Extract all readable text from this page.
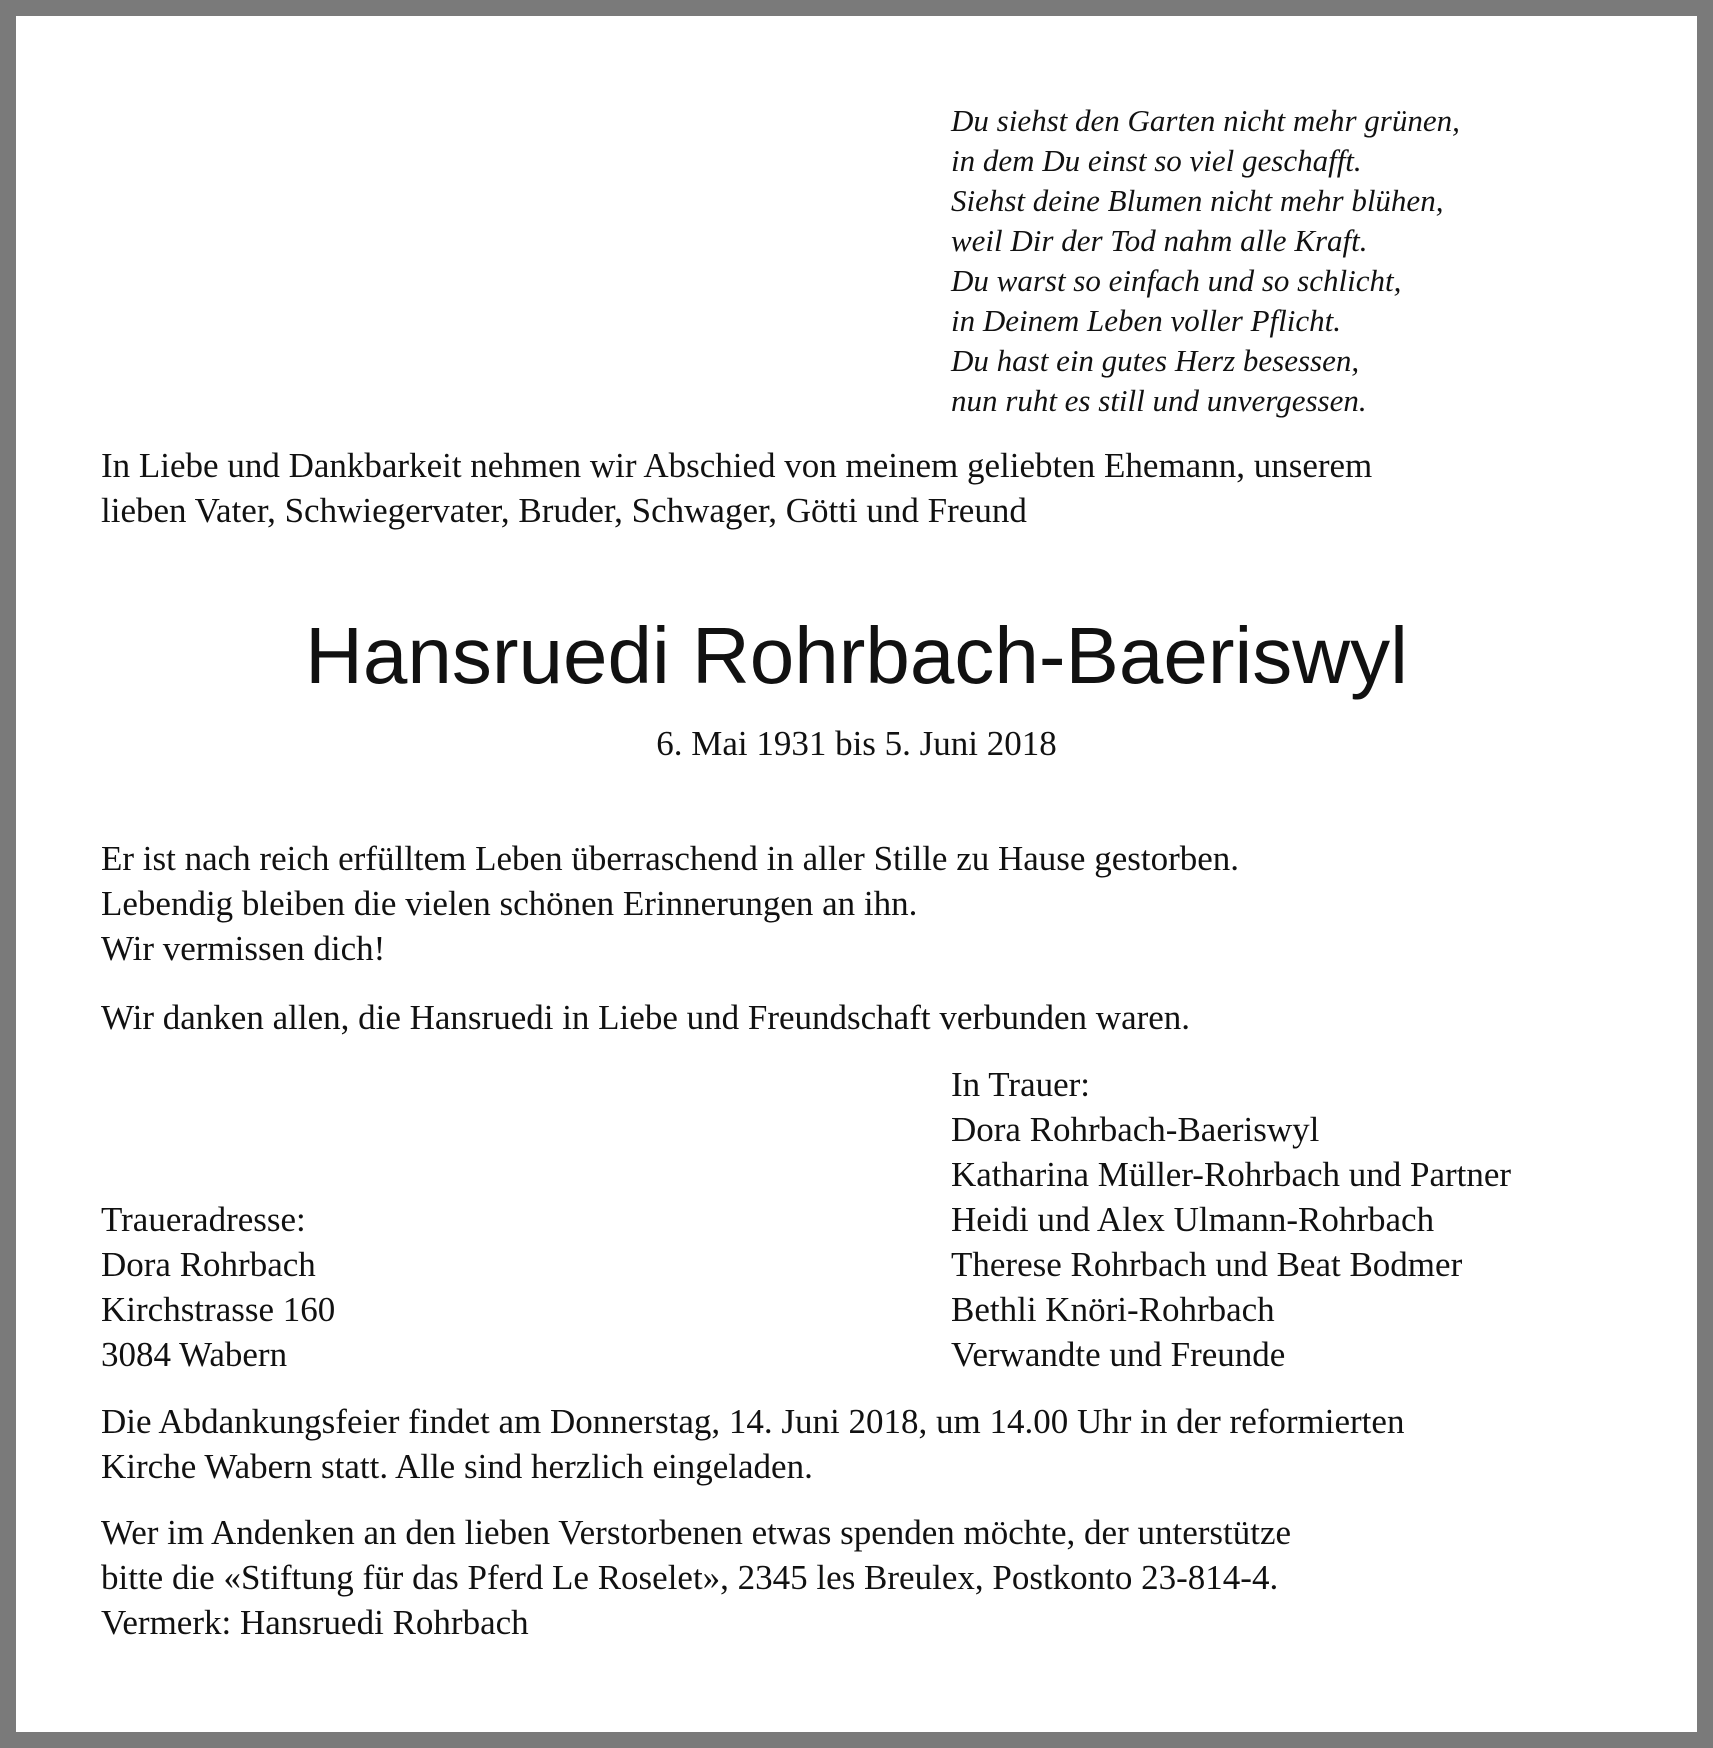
Du siehst den Garten nicht mehr grünen,
in dem Du einst so viel geschafft.
Siehst deine Blumen nicht mehr blühen,
weil Dir der Tod nahm alle Kraft.
Du warst so einfach und so schlicht,
in Deinem Leben voller Pflicht.
Du hast ein gutes Herz besessen,
nun ruht es still und unvergessen.
In Liebe und Dankbarkeit nehmen wir Abschied von meinem geliebten Ehemann, unserem
lieben Vater, Schwiegervater, Bruder, Schwager, Götti und Freund
Hansruedi Rohrbach-Baeriswyl
6. Mai 1931 bis 5. Juni 2018
Er ist nach reich erfülltem Leben überraschend in aller Stille zu Hause gestorben.
Lebendig bleiben die vielen schönen Erinnerungen an ihn.
Wir vermissen dich!
Wir danken allen, die Hansruedi in Liebe und Freundschaft verbunden waren.
In Trauer:
Dora Rohrbach-Baeriswyl
Katharina Müller-Rohrbach und Partner
Heidi und Alex Ulmann-Rohrbach
Therese Rohrbach und Beat Bodmer
Bethli Knöri-Rohrbach
Verwandte und Freunde
Traueradresse:
Dora Rohrbach
Kirchstrasse 160
3084 Wabern
Die Abdankungsfeier findet am Donnerstag, 14. Juni 2018, um 14.00 Uhr in der reformierten
Kirche Wabern statt. Alle sind herzlich eingeladen.
Wer im Andenken an den lieben Verstorbenen etwas spenden möchte, der unterstütze
bitte die «Stiftung für das Pferd Le Roselet», 2345 les Breulex, Postkonto 23-814-4.
Vermerk: Hansruedi Rohrbach
